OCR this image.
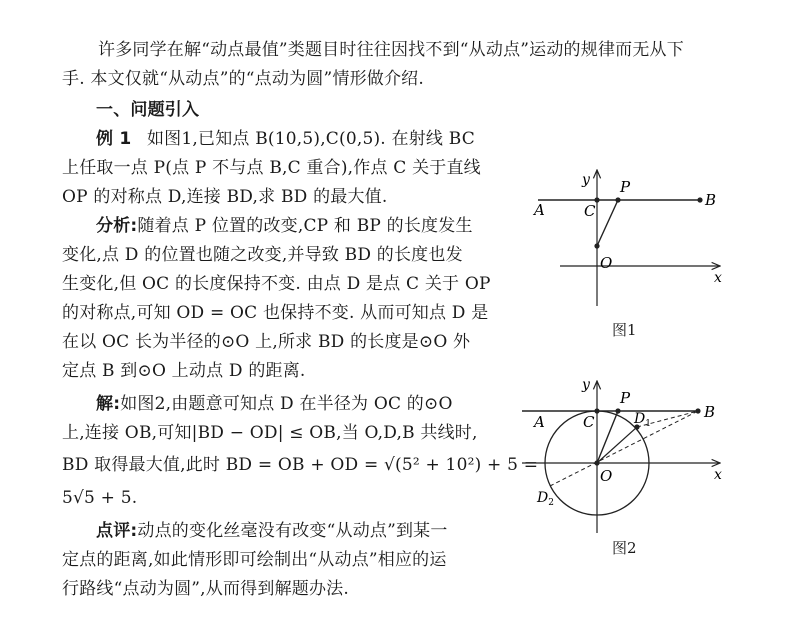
许多同学在解“动点最值”类题目时往往因找不到“从动点”运动的规律而无从下
手. 本文仅就“从动点”的“点动为圆”情形做介绍.
一、问题引入
例 1 如图1,已知点 B(10,5),C(0,5). 在射线 BC
上任取一点 P(点 P 不与点 B,C 重合),作点 C 关于直线
OP 的对称点 D,连接 BD,求 BD 的最大值.
分析:随着点 P 位置的改变,CP 和 BP 的长度发生
变化,点 D 的位置也随之改变,并导致 BD 的长度也发
生变化,但 OC 的长度保持不变. 由点 D 是点 C 关于 OP
的对称点,可知 OD = OC 也保持不变. 从而可知点 D 是
在以 OC 长为半径的⊙O 上,所求 BD 的长度是⊙O 外
定点 B 到⊙O 上动点 D 的距离.
解:如图2,由题意可知点 D 在半径为 OC 的⊙O
上,连接 OB,可知|BD − OD| ≤ OB,当 O,D,B 共线时,
BD 取得最大值,此时 BD = OB + OD = √(5² + 10²) + 5 =
5√5 + 5.
点评:动点的变化丝毫没有改变“从动点”到某一
定点的距离,如此情形即可绘制出“从动点”相应的运
行路线“点动为圆”,从而得到解题办法.
y
x
P
B
A	C
O
图1
y
x
P
B
A	C
O
$D_1$
$D_2$
图2
